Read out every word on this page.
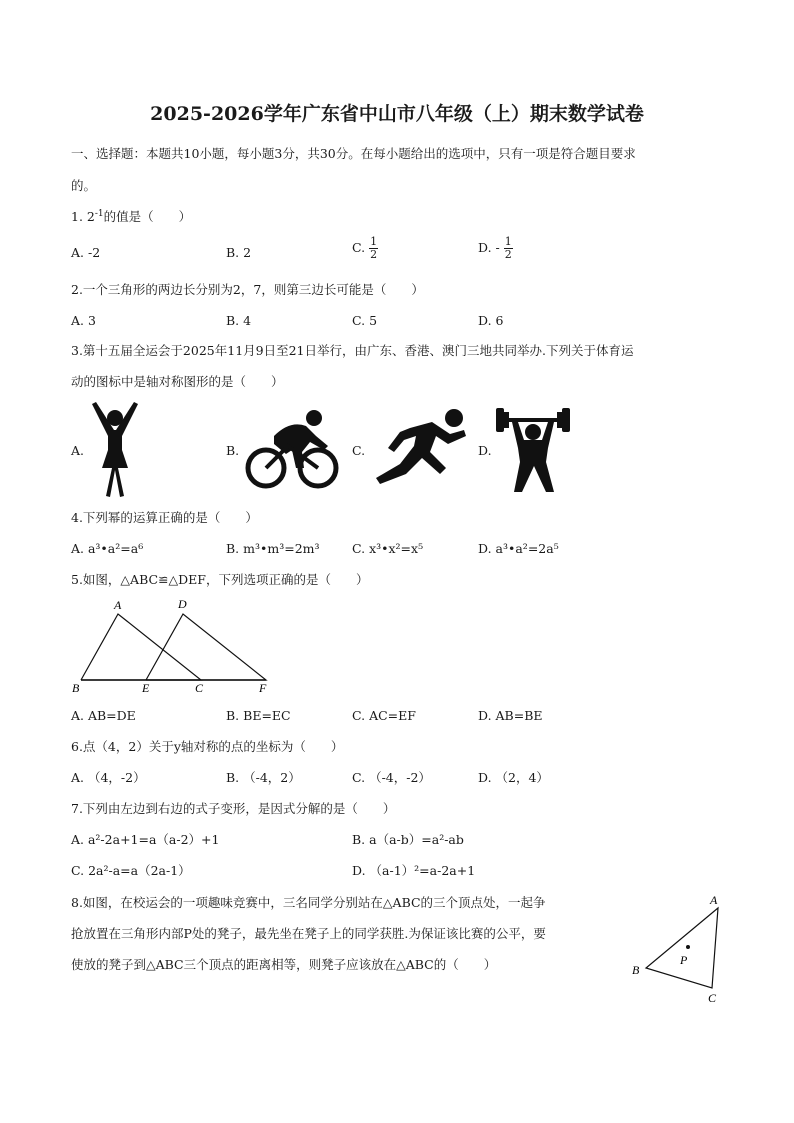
2025-2026学年广东省中山市八年级（上）期末数学试卷
一、选择题：本题共10小题，每小题3分，共30分。在每小题给出的选项中，只有一项是符合题目要求
的。
1. $2^{-1}$的值是（　　）
A. -2	B. 2	C. $\frac{1}{2}$	D. - $\frac{1}{2}$
2.一个三角形的两边长分别为2，7，则第三边长可能是（　　）
A. 3	B. 4	C. 5	D. 6
3.第十五届全运会于2025年11月9日至21日举行，由广东、香港、澳门三地共同举办.下列关于体育运
动的图标中是轴对称图形的是（　　）
A.	B.	C.	D.
4.下列幂的运算正确的是（　　）
A. a³•a²=a⁶	B. m³•m³=2m³	C. x³•x²=x⁵	D. a³•a²=2a⁵
5.如图，△ABC≌△DEF，下列选项正确的是（　　）
A	D
B	E	C	F
A. AB=DE	B. BE=EC	C. AC=EF	D. AB=BE
6.点（4，2）关于y轴对称的点的坐标为（　　）
A. （4，-2）	B. （-4，2）	C. （-4，-2）	D. （2，4）
7.下列由左边到右边的式子变形，是因式分解的是（　　）
A. a²-2a+1=a（a-2）+1	B. a（a-b）=a²-ab
C. 2a²-a=a（2a-1）	D. （a-1）²=a-2a+1
8.如图，在校运会的一项趣味竞赛中，三名同学分别站在△ABC的三个顶点处，一起争
抢放置在三角形内部P处的凳子，最先坐在凳子上的同学获胜.为保证该比赛的公平，要
使放的凳子到△ABC三个顶点的距离相等，则凳子应该放在△ABC的（　　）
A
B
C
P
